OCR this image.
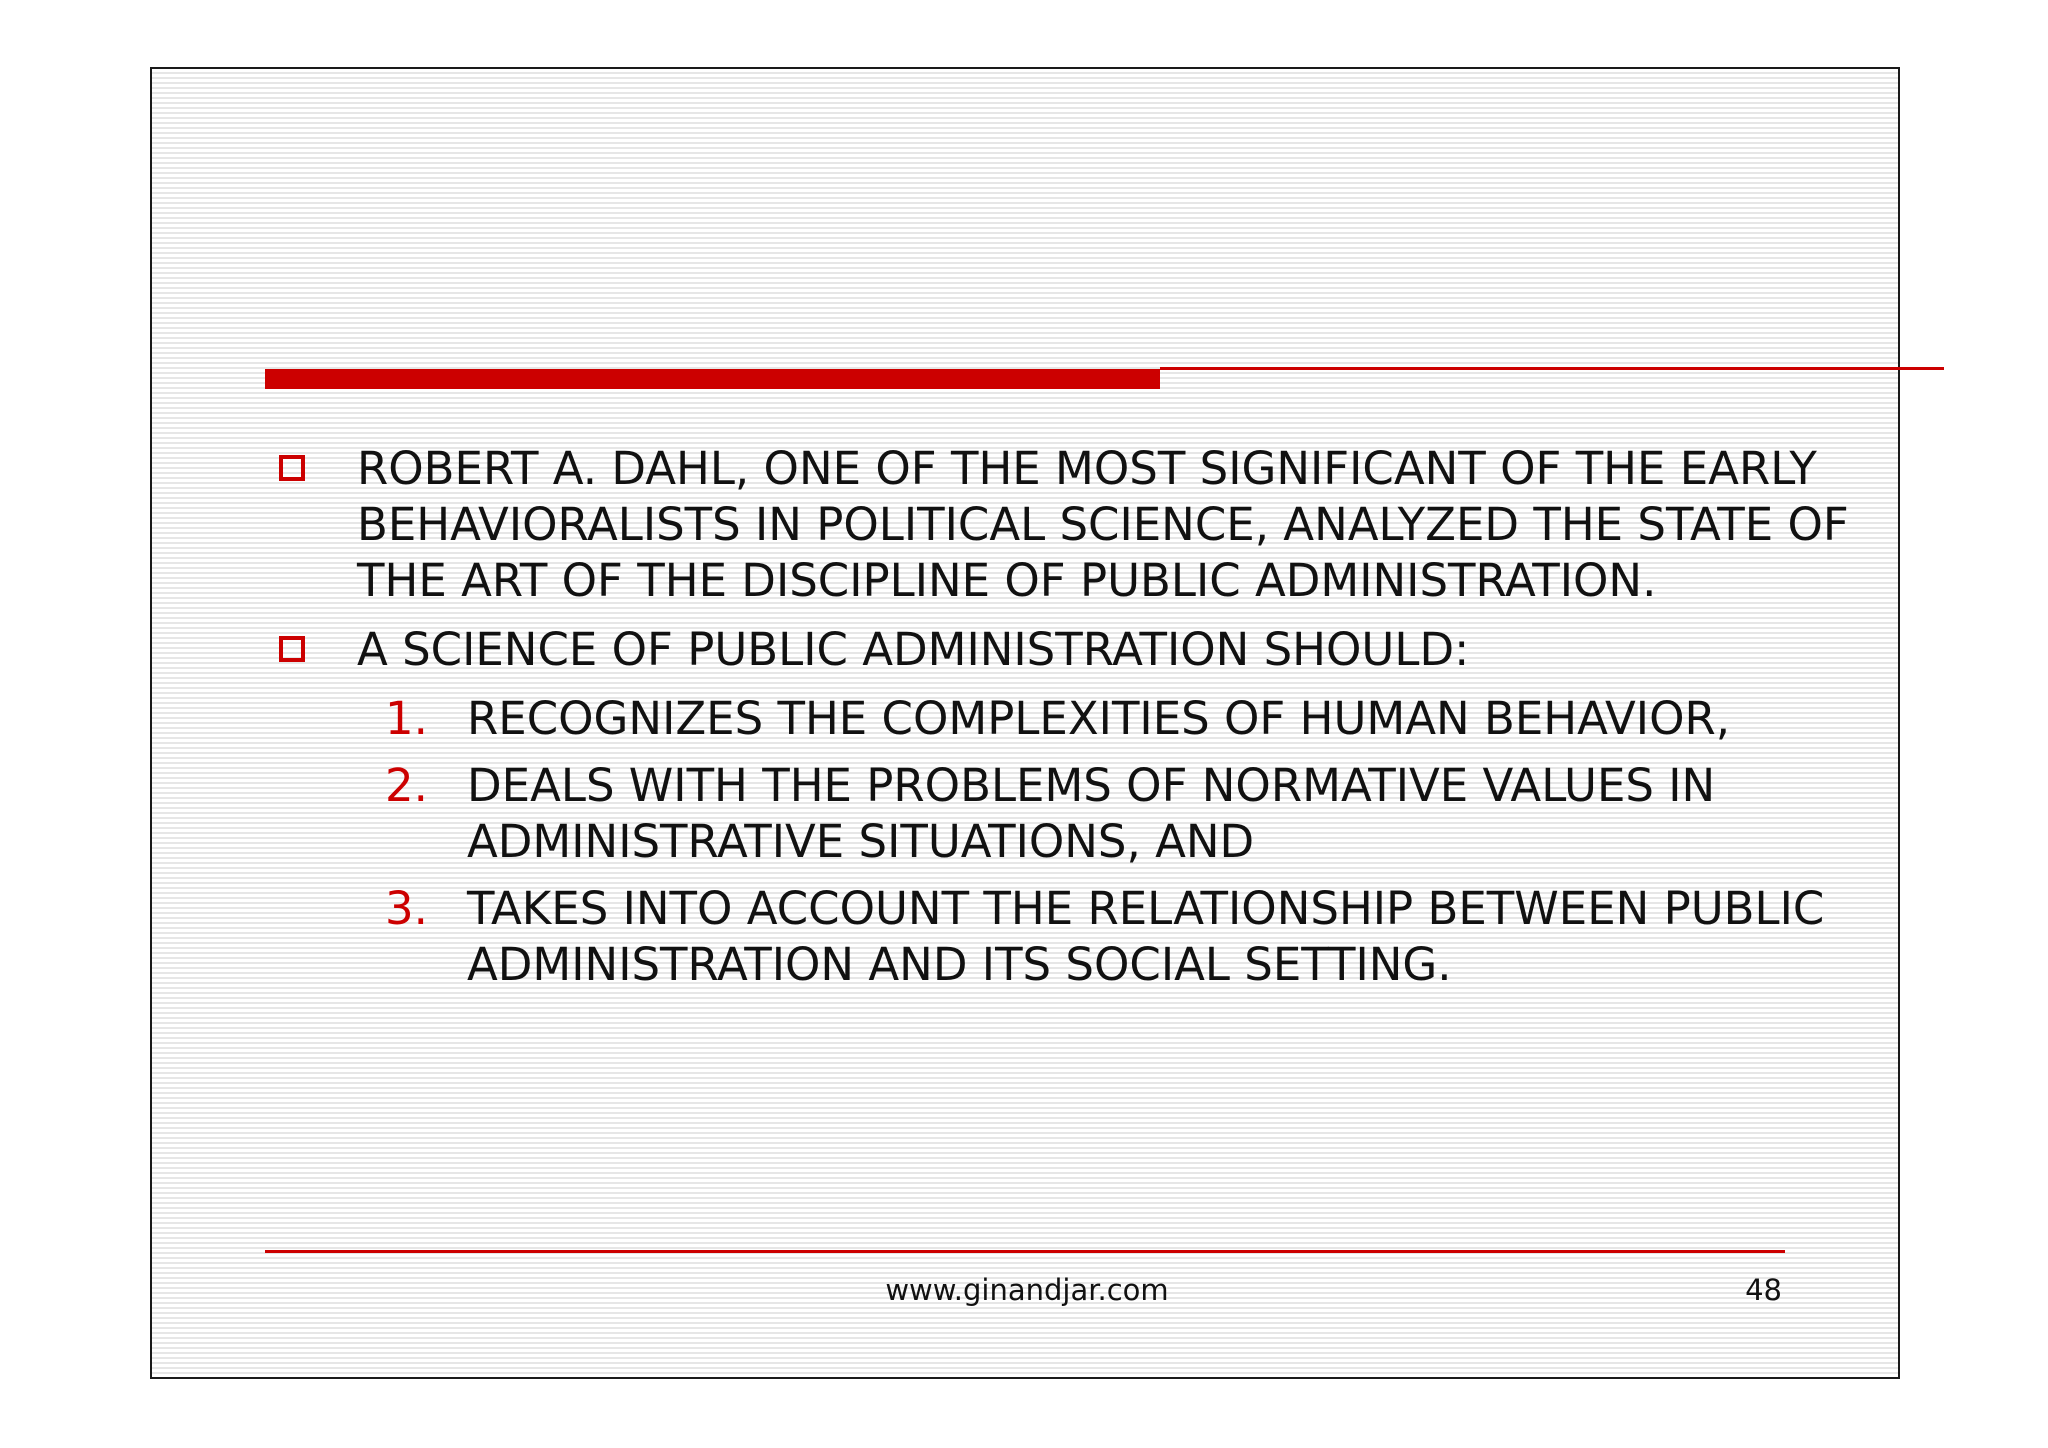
ROBERT A. DAHL, ONE OF THE MOST SIGNIFICANT OF THE EARLY BEHAVIORALISTS IN POLITICAL SCIENCE, ANALYZED THE STATE OF THE ART OF THE DISCIPLINE OF PUBLIC ADMINISTRATION.
A SCIENCE OF PUBLIC ADMINISTRATION SHOULD:
1. RECOGNIZES THE COMPLEXITIES OF HUMAN BEHAVIOR,
2. DEALS WITH THE PROBLEMS OF NORMATIVE VALUES IN ADMINISTRATIVE SITUATIONS, AND
3. TAKES INTO ACCOUNT THE RELATIONSHIP BETWEEN PUBLIC ADMINISTRATION AND ITS SOCIAL SETTING.
www.ginandjar.com	48
